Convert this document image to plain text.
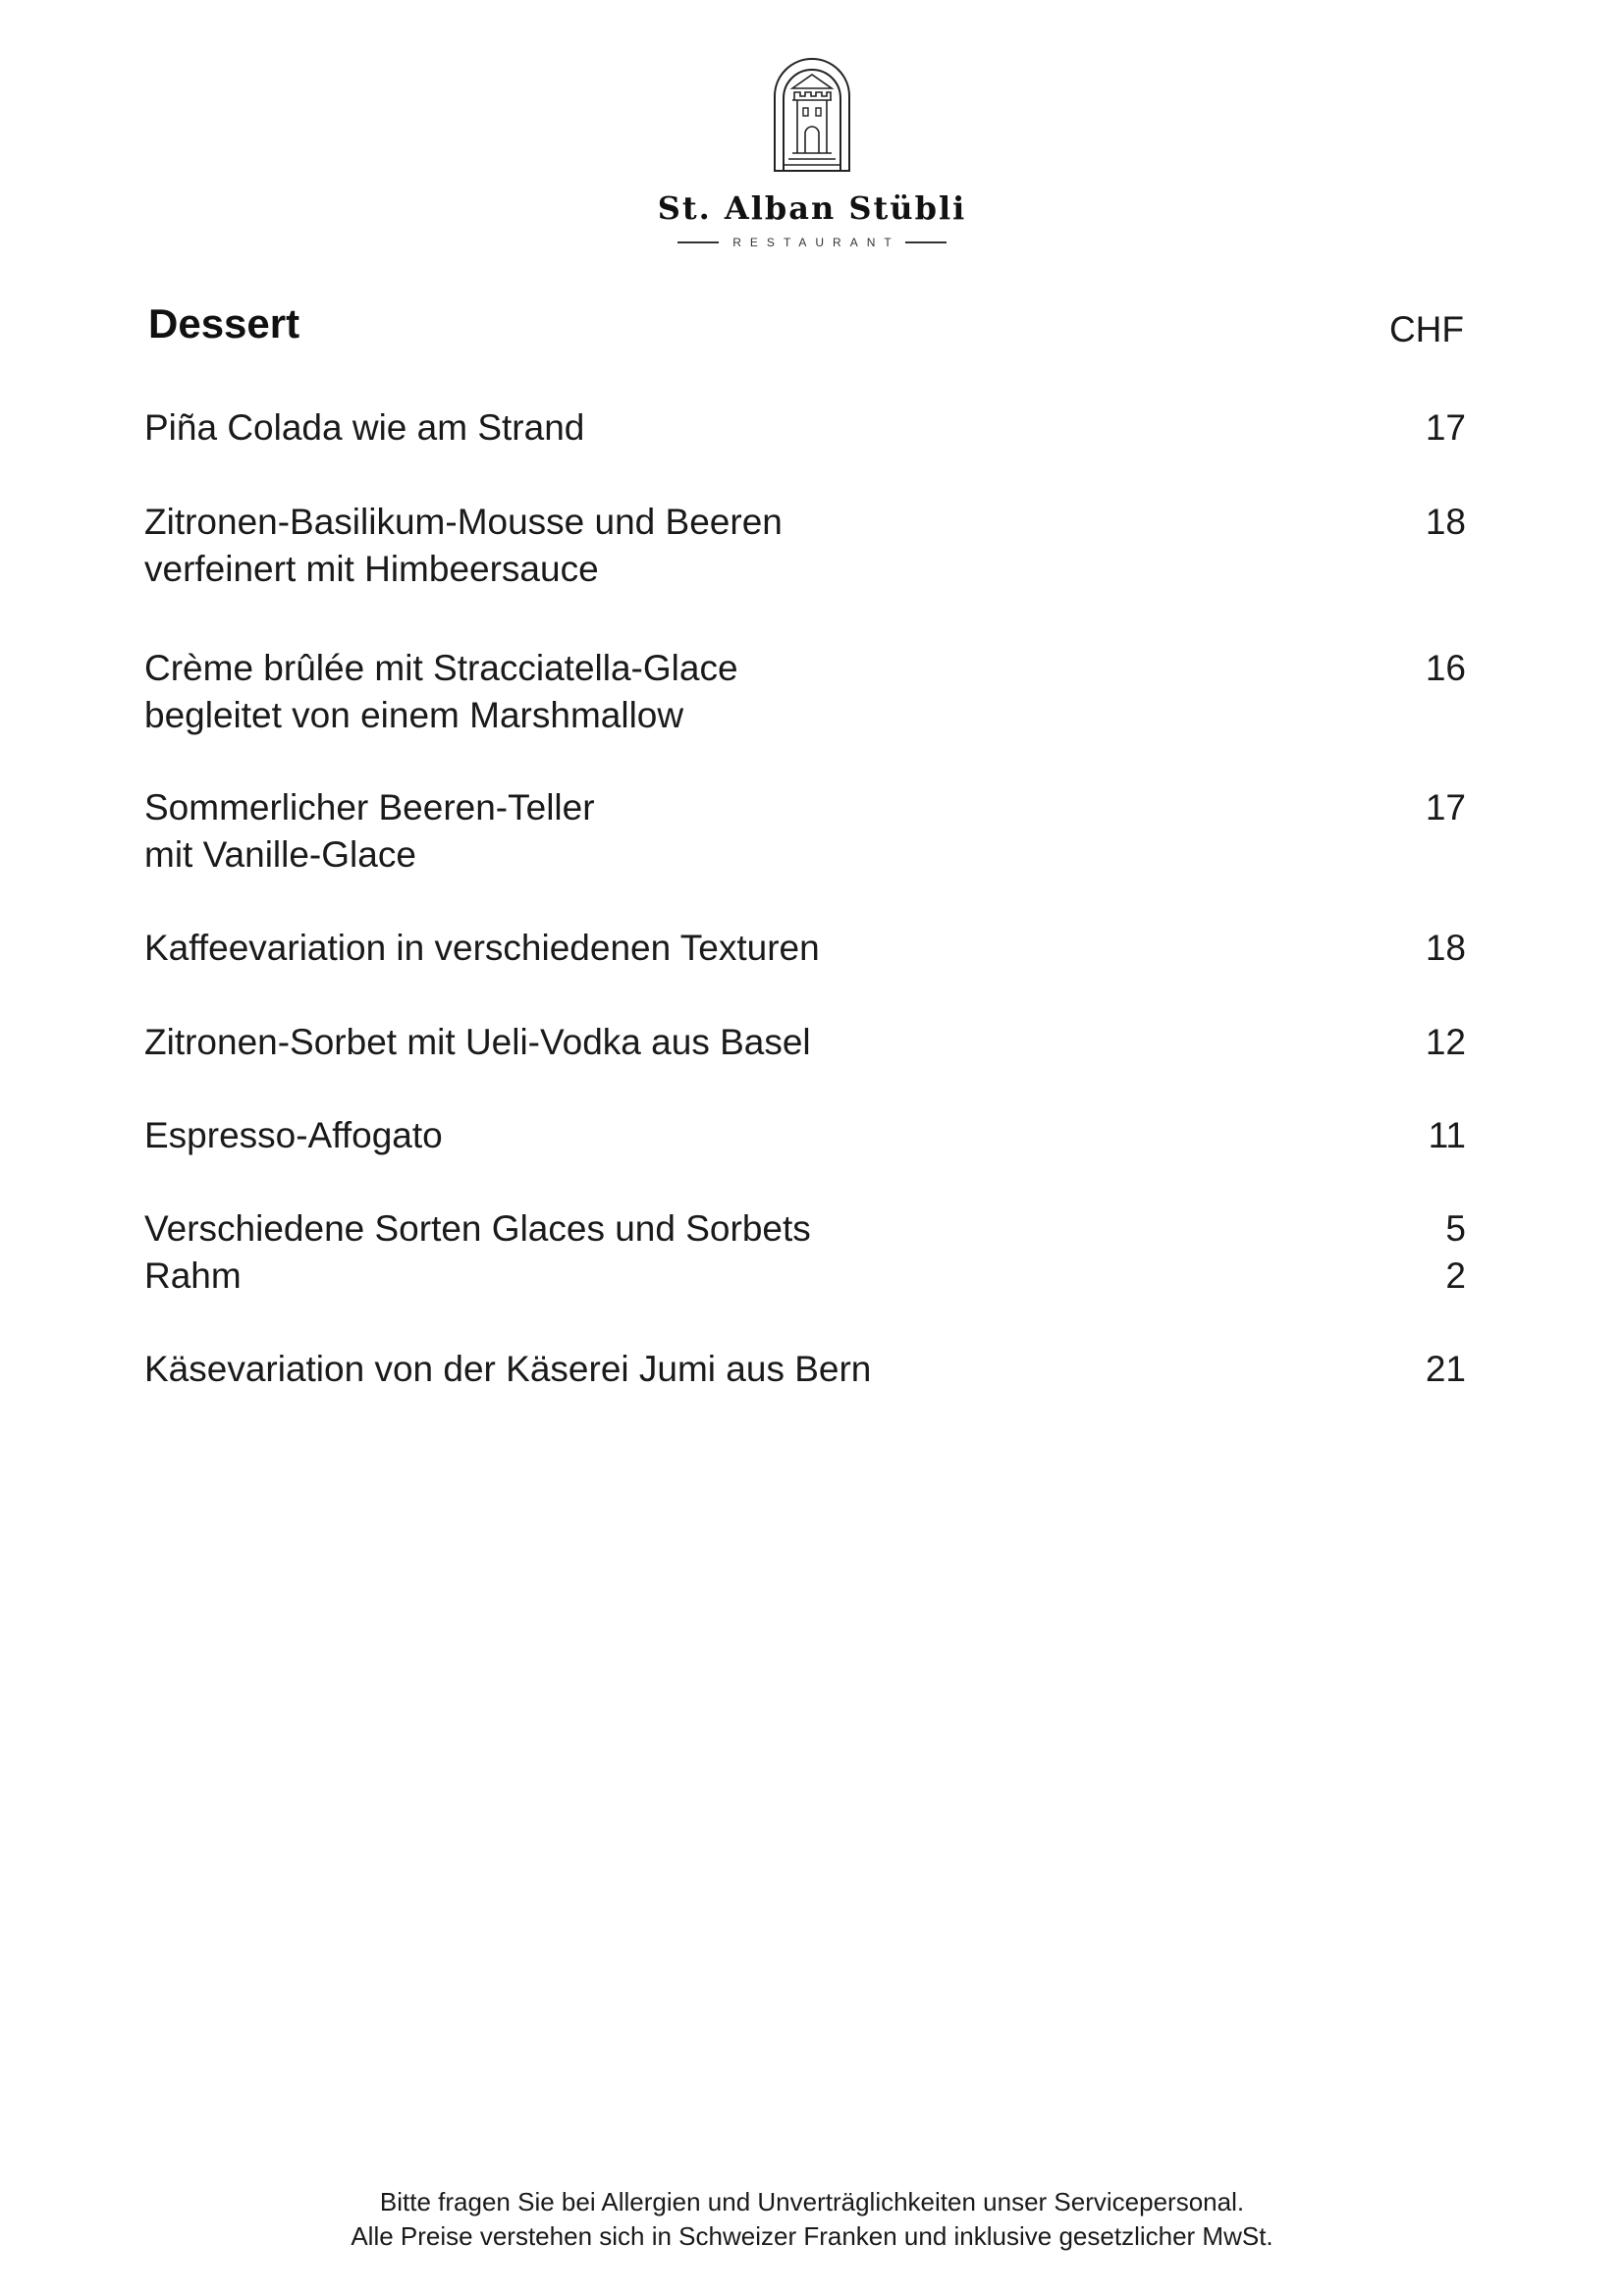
St. Alban Stübli
RESTAURANT
Dessert	CHF
Piña Colada wie am Strand	17
Zitronen-Basilikum-Mousse und Beeren	18
verfeinert mit Himbeersauce
Crème brûlée mit Stracciatella-Glace	16
begleitet von einem Marshmallow
Sommerlicher Beeren-Teller	17
mit Vanille-Glace
Kaffeevariation in verschiedenen Texturen	18
Zitronen-Sorbet mit Ueli-Vodka aus Basel	12
Espresso-Affogato	11
Verschiedene Sorten Glaces und Sorbets	5
Rahm	2
Käsevariation von der Käserei Jumi aus Bern	21
Bitte fragen Sie bei Allergien und Unverträglichkeiten unser Servicepersonal.
Alle Preise verstehen sich in Schweizer Franken und inklusive gesetzlicher MwSt.
